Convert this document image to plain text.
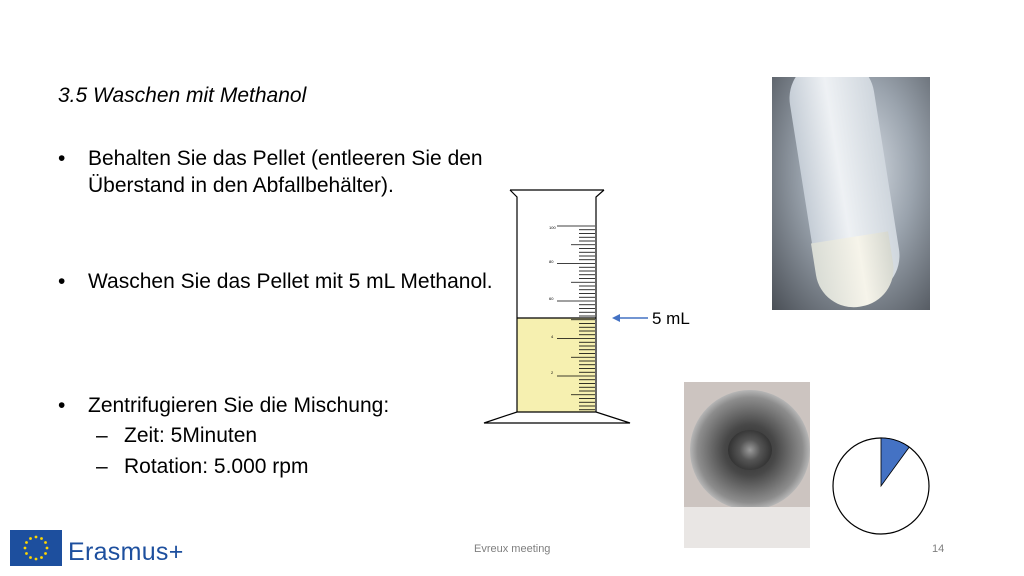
3.5 Waschen mit Methanol
• Behalten Sie das Pellet (entleeren Sie den Überstand in den Abfallbehälter).
• Waschen Sie das Pellet mit 5 mL Methanol.
• Zentrifugieren Sie die Mischung:
– Zeit: 5Minuten
– Rotation: 5.000 rpm
100
80
60
4
2
5 mL
Erasmus+	Evreux meeting	14
